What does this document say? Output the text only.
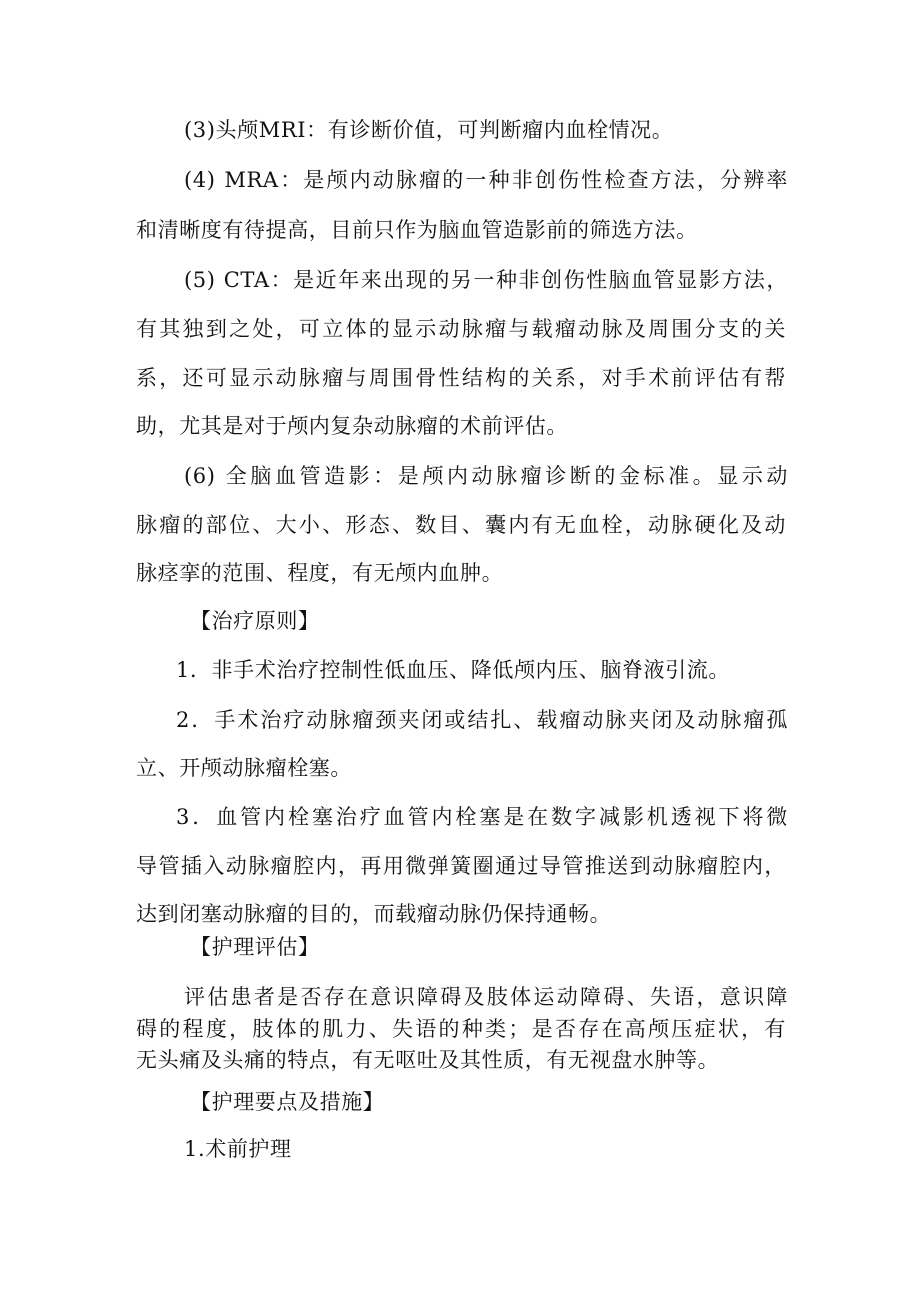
(3)头颅MRI：有诊断价值，可判断瘤内血栓情况。
(4) MRA：是颅内动脉瘤的一种非创伤性检查方法，分辨率
和清晰度有待提高，目前只作为脑血管造影前的筛选方法。
(5) CTA：是近年来出现的另一种非创伤性脑血管显影方法，
有其独到之处，可立体的显示动脉瘤与载瘤动脉及周围分支的关
系，还可显示动脉瘤与周围骨性结构的关系，对手术前评估有帮
助，尤其是对于颅内复杂动脉瘤的术前评估。
(6) 全脑血管造影：是颅内动脉瘤诊断的金标准。显示动
脉瘤的部位、大小、形态、数目、囊内有无血栓，动脉硬化及动
脉痉挛的范围、程度，有无颅内血肿。
【治疗原则】
1．非手术治疗控制性低血压、降低颅内压、脑脊液引流。
2．手术治疗动脉瘤颈夹闭或结扎、载瘤动脉夹闭及动脉瘤孤
立、开颅动脉瘤栓塞。
3．血管内栓塞治疗血管内栓塞是在数字减影机透视下将微
导管插入动脉瘤腔内，再用微弹簧圈通过导管推送到动脉瘤腔内，
达到闭塞动脉瘤的目的，而载瘤动脉仍保持通畅。
【护理评估】
评估患者是否存在意识障碍及肢体运动障碍、失语，意识障
碍的程度，肢体的肌力、失语的种类；是否存在高颅压症状，有
无头痛及头痛的特点，有无呕吐及其性质，有无视盘水肿等。
【护理要点及措施】
1.术前护理
